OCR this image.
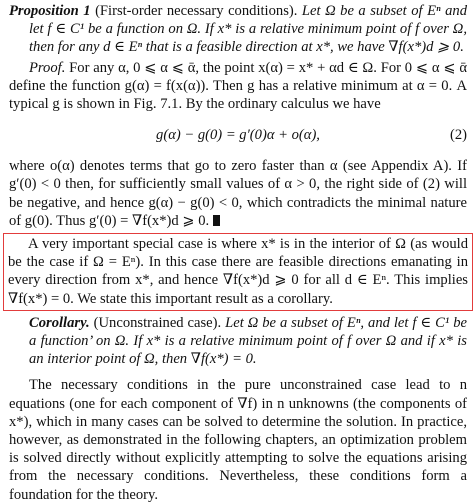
Proposition 1 (First-order necessary conditions). Let Ω be a subset of Eⁿ and let f ∈ C¹ be a function on Ω. If x* is a relative minimum point of f over Ω, then for any d ∈ Eⁿ that is a feasible direction at x*, we have ∇f(x*)d ⩾ 0.

Proof. For any α, 0 ⩽ α ⩽ ᾱ, the point x(α) = x* + αd ∈ Ω. For 0 ⩽ α ⩽ ᾱ define the function g(α) = f(x(α)). Then g has a relative minimum at α = 0. A typical g is shown in Fig. 7.1. By the ordinary calculus we have

g(α) − g(0) = g′(0)α + o(α),	(2)

where o(α) denotes terms that go to zero faster than α (see Appendix A). If g′(0) < 0 then, for sufficiently small values of α > 0, the right side of (2) will be negative, and hence g(α) − g(0) < 0, which contradicts the minimal nature of g(0). Thus g′(0) = ∇f(x*)d ⩾ 0.

A very important special case is where x* is in the interior of Ω (as would be the case if Ω = Eⁿ). In this case there are feasible directions emanating in every direction from x*, and hence ∇f(x*)d ⩾ 0 for all d ∈ Eⁿ. This implies ∇f(x*) = 0. We state this important result as a corollary.

Corollary. (Unconstrained case). Let Ω be a subset of Eⁿ, and let f ∈ C¹ be a function’ on Ω. If x* is a relative minimum point of f over Ω and if x* is an interior point of Ω, then ∇f(x*) = 0.

The necessary conditions in the pure unconstrained case lead to n equations (one for each component of ∇f) in n unknowns (the components of x*), which in many cases can be solved to determine the solution. In practice, however, as demonstrated in the following chapters, an optimization problem is solved directly without explicitly attempting to solve the equations arising from the necessary conditions. Nevertheless, these conditions form a foundation for the theory.
